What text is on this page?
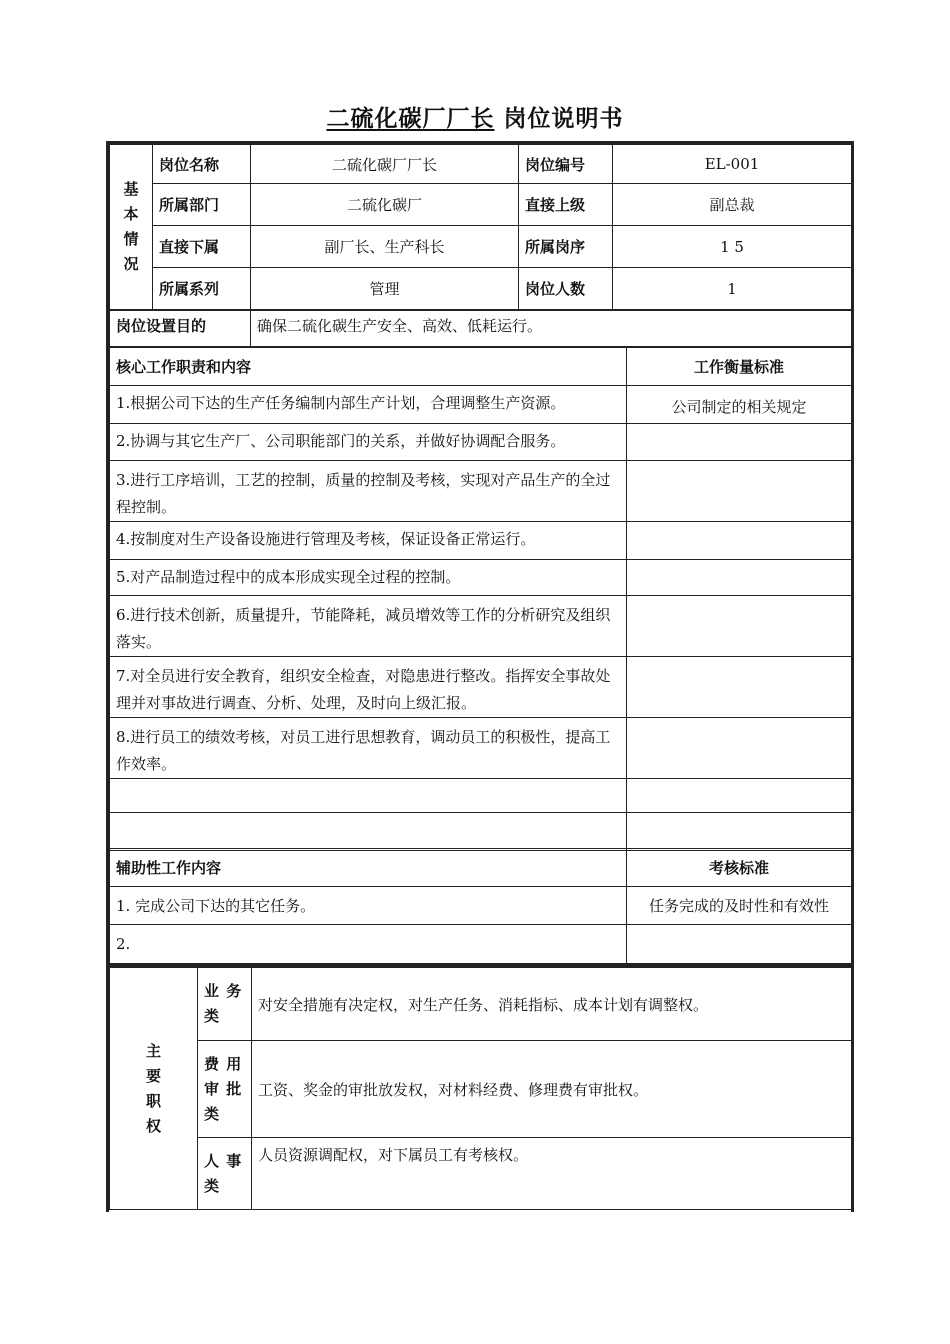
二硫化碳厂厂长 岗位说明书
基
本
情
况	岗位名称	二硫化碳厂厂长	岗位编号	EL-001
	所属部门	二硫化碳厂	直接上级	副总裁
	直接下属	副厂长、生产科长	所属岗序	1 5
	所属系列	管理	岗位人数	1
岗位设置目的	确保二硫化碳生产安全、高效、低耗运行。
核心工作职责和内容	工作衡量标准
1.根据公司下达的生产任务编制内部生产计划，合理调整生产资源。	公司制定的相关规定
2.协调与其它生产厂、公司职能部门的关系，并做好协调配合服务。	
3.进行工序培训，工艺的控制，质量的控制及考核，实现对产品生产的全过程控制。	
4.按制度对生产设备设施进行管理及考核，保证设备正常运行。	
5.对产品制造过程中的成本形成实现全过程的控制。	
6.进行技术创新，质量提升，节能降耗，减员增效等工作的分析研究及组织落实。	
7.对全员进行安全教育，组织安全检查，对隐患进行整改。指挥安全事故处理并对事故进行调查、分析、处理，及时向上级汇报。	
8.进行员工的绩效考核，对员工进行思想教育，调动员工的积极性，提高工作效率。	

辅助性工作内容	考核标准
1. 完成公司下达的其它任务。	任务完成的及时性和有效性
2.	
主
要
职
权	业 务 类	对安全措施有决定权，对生产任务、消耗指标、成本计划有调整权。
	费 用 审 批 类	工资、奖金的审批放发权，对材料经费、修理费有审批权。
	人 事 类	人员资源调配权，对下属员工有考核权。
